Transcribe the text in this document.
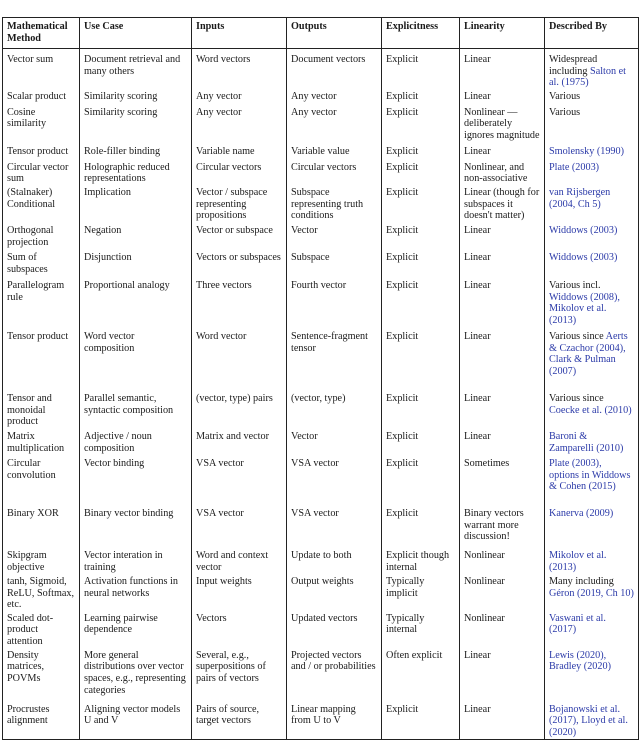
Mathematical Method	Use Case	Inputs	Outputs	Explicitness	Linearity	Described By
Vector sum	Document retrieval and many others	Word vectors	Document vectors	Explicit	Linear	Widespread including Salton et al. (1975)
Scalar product	Similarity scoring	Any vector	Any vector	Explicit	Linear	Various
Cosine similarity	Similarity scoring	Any vector	Any vector	Explicit	Nonlinear — deliberately ignores magnitude	Various
Tensor product	Role-filler binding	Variable name	Variable value	Explicit	Linear	Smolensky (1990)
Circular vector sum	Holographic reduced representations	Circular vectors	Circular vectors	Explicit	Nonlinear, and non-associative	Plate (2003)
(Stalnaker) Conditional	Implication	Vector / subspace representing propositions	Subspace representing truth conditions	Explicit	Linear (though for subspaces it doesn't matter)	van Rijsbergen (2004, Ch 5)
Orthogonal projection	Negation	Vector or subspace	Vector	Explicit	Linear	Widdows (2003)
Sum of subspaces	Disjunction	Vectors or subspaces	Subspace	Explicit	Linear	Widdows (2003)
Parallelogram rule	Proportional analogy	Three vectors	Fourth vector	Explicit	Linear	Various incl. Widdows (2008), Mikolov et al. (2013)
Tensor product	Word vector composition	Word vector	Sentence-fragment tensor	Explicit	Linear	Various since Aerts & Czachor (2004), Clark & Pulman (2007)
Tensor and monoidal product	Parallel semantic, syntactic composition	(vector, type) pairs	(vector, type)	Explicit	Linear	Various since Coecke et al. (2010)
Matrix multiplication	Adjective / noun composition	Matrix and vector	Vector	Explicit	Linear	Baroni & Zamparelli (2010)
Circular convolution	Vector binding	VSA vector	VSA vector	Explicit	Sometimes	Plate (2003), options in Widdows & Cohen (2015)
Binary XOR	Binary vector binding	VSA vector	VSA vector	Explicit	Binary vectors warrant more discussion!	Kanerva (2009)
Skipgram objective	Vector interation in training	Word and context vector	Update to both	Explicit though internal	Nonlinear	Mikolov et al. (2013)
tanh, Sigmoid, ReLU, Softmax, etc.	Activation functions in neural networks	Input weights	Output weights	Typically implicit	Nonlinear	Many including Géron (2019, Ch 10)
Scaled dot-product attention	Learning pairwise dependence	Vectors	Updated vectors	Typically internal	Nonlinear	Vaswani et al. (2017)
Density matrices, POVMs	More general distributions over vector spaces, e.g., representing categories	Several, e.g., superpositions of pairs of vectors	Projected vectors and / or probabilities	Often explicit	Linear	Lewis (2020), Bradley (2020)
Procrustes alignment	Aligning vector models U and V	Pairs of source, target vectors	Linear mapping from U to V	Explicit	Linear	Bojanowski et al. (2017), Lloyd et al. (2020)
